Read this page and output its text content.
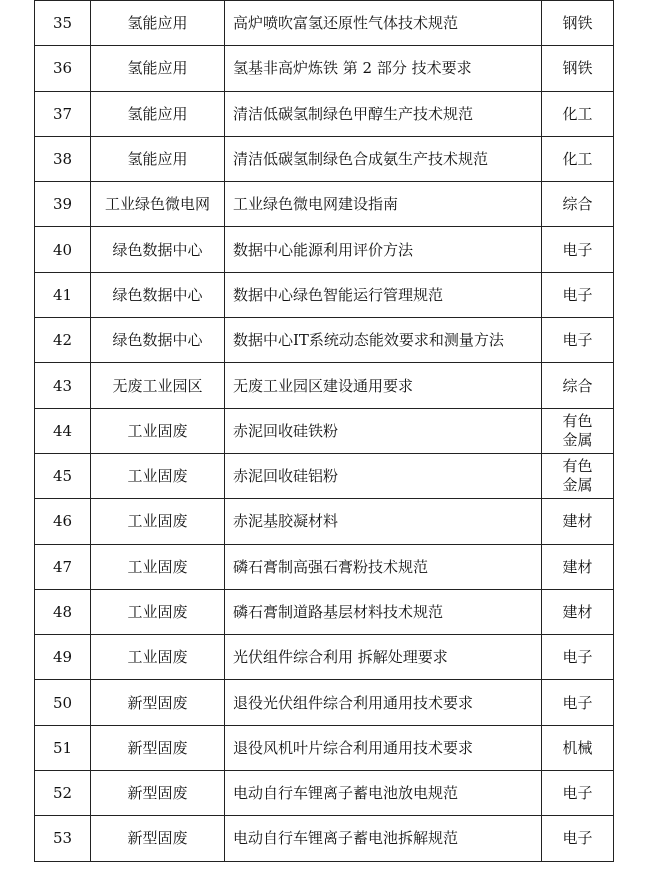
35	氢能应用	高炉喷吹富氢还原性气体技术规范	钢铁
36	氢能应用	氢基非高炉炼铁 第 2 部分 技术要求	钢铁
37	氢能应用	清洁低碳氢制绿色甲醇生产技术规范	化工
38	氢能应用	清洁低碳氢制绿色合成氨生产技术规范	化工
39	工业绿色微电网	工业绿色微电网建设指南	综合
40	绿色数据中心	数据中心能源利用评价方法	电子
41	绿色数据中心	数据中心绿色智能运行管理规范	电子
42	绿色数据中心	数据中心IT系统动态能效要求和测量方法	电子
43	无废工业园区	无废工业园区建设通用要求	综合
44	工业固废	赤泥回收硅铁粉	有色金属
45	工业固废	赤泥回收硅铝粉	有色金属
46	工业固废	赤泥基胶凝材料	建材
47	工业固废	磷石膏制高强石膏粉技术规范	建材
48	工业固废	磷石膏制道路基层材料技术规范	建材
49	工业固废	光伏组件综合利用 拆解处理要求	电子
50	新型固废	退役光伏组件综合利用通用技术要求	电子
51	新型固废	退役风机叶片综合利用通用技术要求	机械
52	新型固废	电动自行车锂离子蓄电池放电规范	电子
53	新型固废	电动自行车锂离子蓄电池拆解规范	电子
